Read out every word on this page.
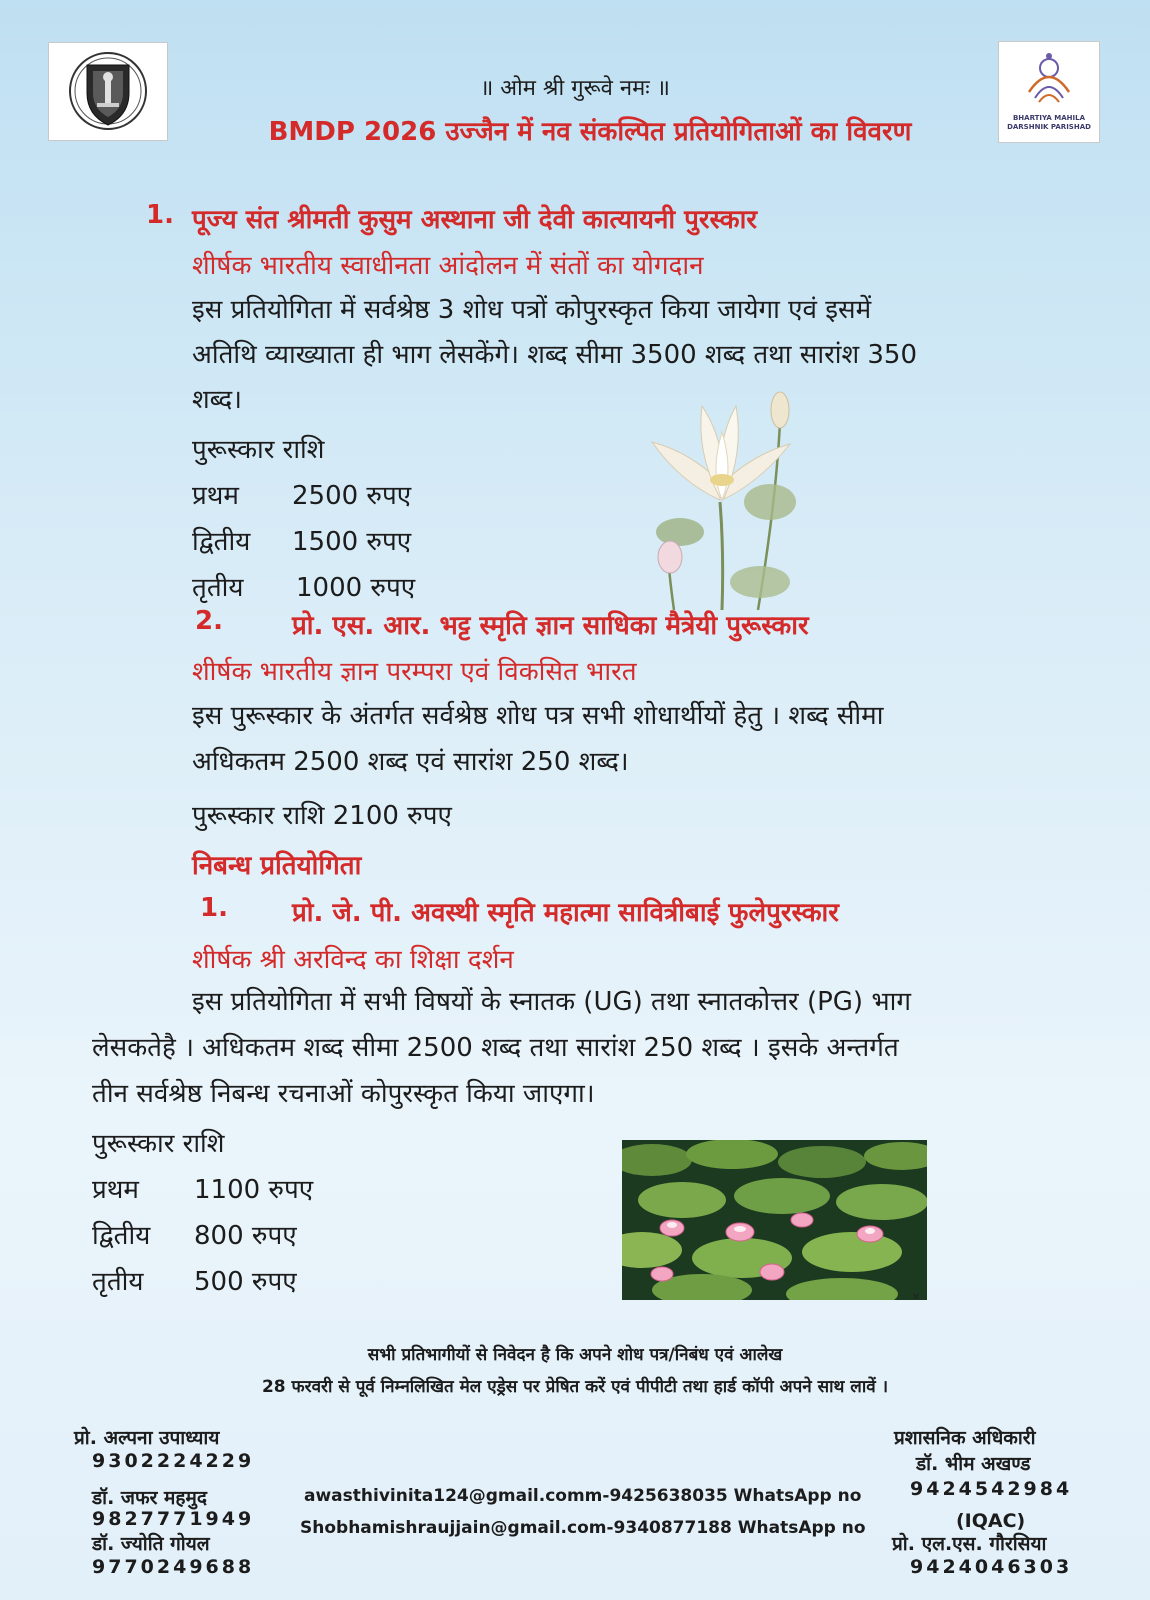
BHARTIYA MAHILA DARSHNIK PARISHAD
॥ ओम श्री गुरूवे नमः ॥
BMDP 2026 उज्जैन में नव संकल्पित प्रतियोगिताओं का विवरण
1. पूज्य संत श्रीमती कुसुम अस्थाना जी देवी कात्यायनी पुरस्कार
शीर्षक भारतीय स्वाधीनता आंदोलन में संतों का योगदान
इस प्रतियोगिता में सर्वश्रेष्ठ 3 शोध पत्रों कोपुरस्कृत किया जायेगा एवं इसमें
अतिथि व्याख्याता ही भाग लेसकेंगे। शब्द सीमा 3500 शब्द तथा सारांश 350
शब्द।
पुरूस्कार राशि
प्रथम 2500 रुपए
द्वितीय 1500 रुपए
तृतीय 1000 रुपए
2.	प्रो. एस. आर. भट्ट स्मृति ज्ञान साधिका मैत्रेयी पुरूस्कार
शीर्षक भारतीय ज्ञान परम्परा एवं विकसित भारत
इस पुरूस्कार के अंतर्गत सर्वश्रेष्ठ शोध पत्र सभी शोधार्थीयों हेतु । शब्द सीमा
अधिकतम 2500 शब्द एवं सारांश 250 शब्द।
पुरूस्कार राशि 2100 रुपए
निबन्ध प्रतियोगिता
1. प्रो. जे. पी. अवस्थी स्मृति महात्मा सावित्रीबाई फुलेपुरस्कार
शीर्षक श्री अरविन्द का शिक्षा दर्शन
इस प्रतियोगिता में सभी विषयों के स्नातक (UG) तथा स्नातकोत्तर (PG) भाग
लेसकतेहै । अधिकतम शब्द सीमा 2500 शब्द तथा सारांश 250 शब्द । इसके अन्तर्गत
तीन सर्वश्रेष्ठ निबन्ध रचनाओं कोपुरस्कृत किया जाएगा।
पुरूस्कार राशि
प्रथम 1100 रुपए
द्वितीय 800 रुपए
तृतीय 500 रुपए
✕
सभी प्रतिभागीयों से निवेदन है कि अपने शोध पत्र/निबंध एवं आलेख
28 फरवरी से पूर्व निम्नलिखित मेल एड्रेस पर प्रेषित करें एवं पीपीटी तथा हार्ड कॉपी अपने साथ लावें ।
प्रो. अल्पना उपाध्याय
9302224229
डॉ. जफर महमुद
9827771949
डॉ. ज्योति गोयल
9770249688
awasthivinita124@gmail.comm-9425638035 WhatsApp no
Shobhamishraujjain@gmail.com-9340877188 WhatsApp no
प्रशासनिक अधिकारी
डॉ. भीम अखण्ड
9424542984
(IQAC)
प्रो. एल.एस. गौरसिया
9424046303
